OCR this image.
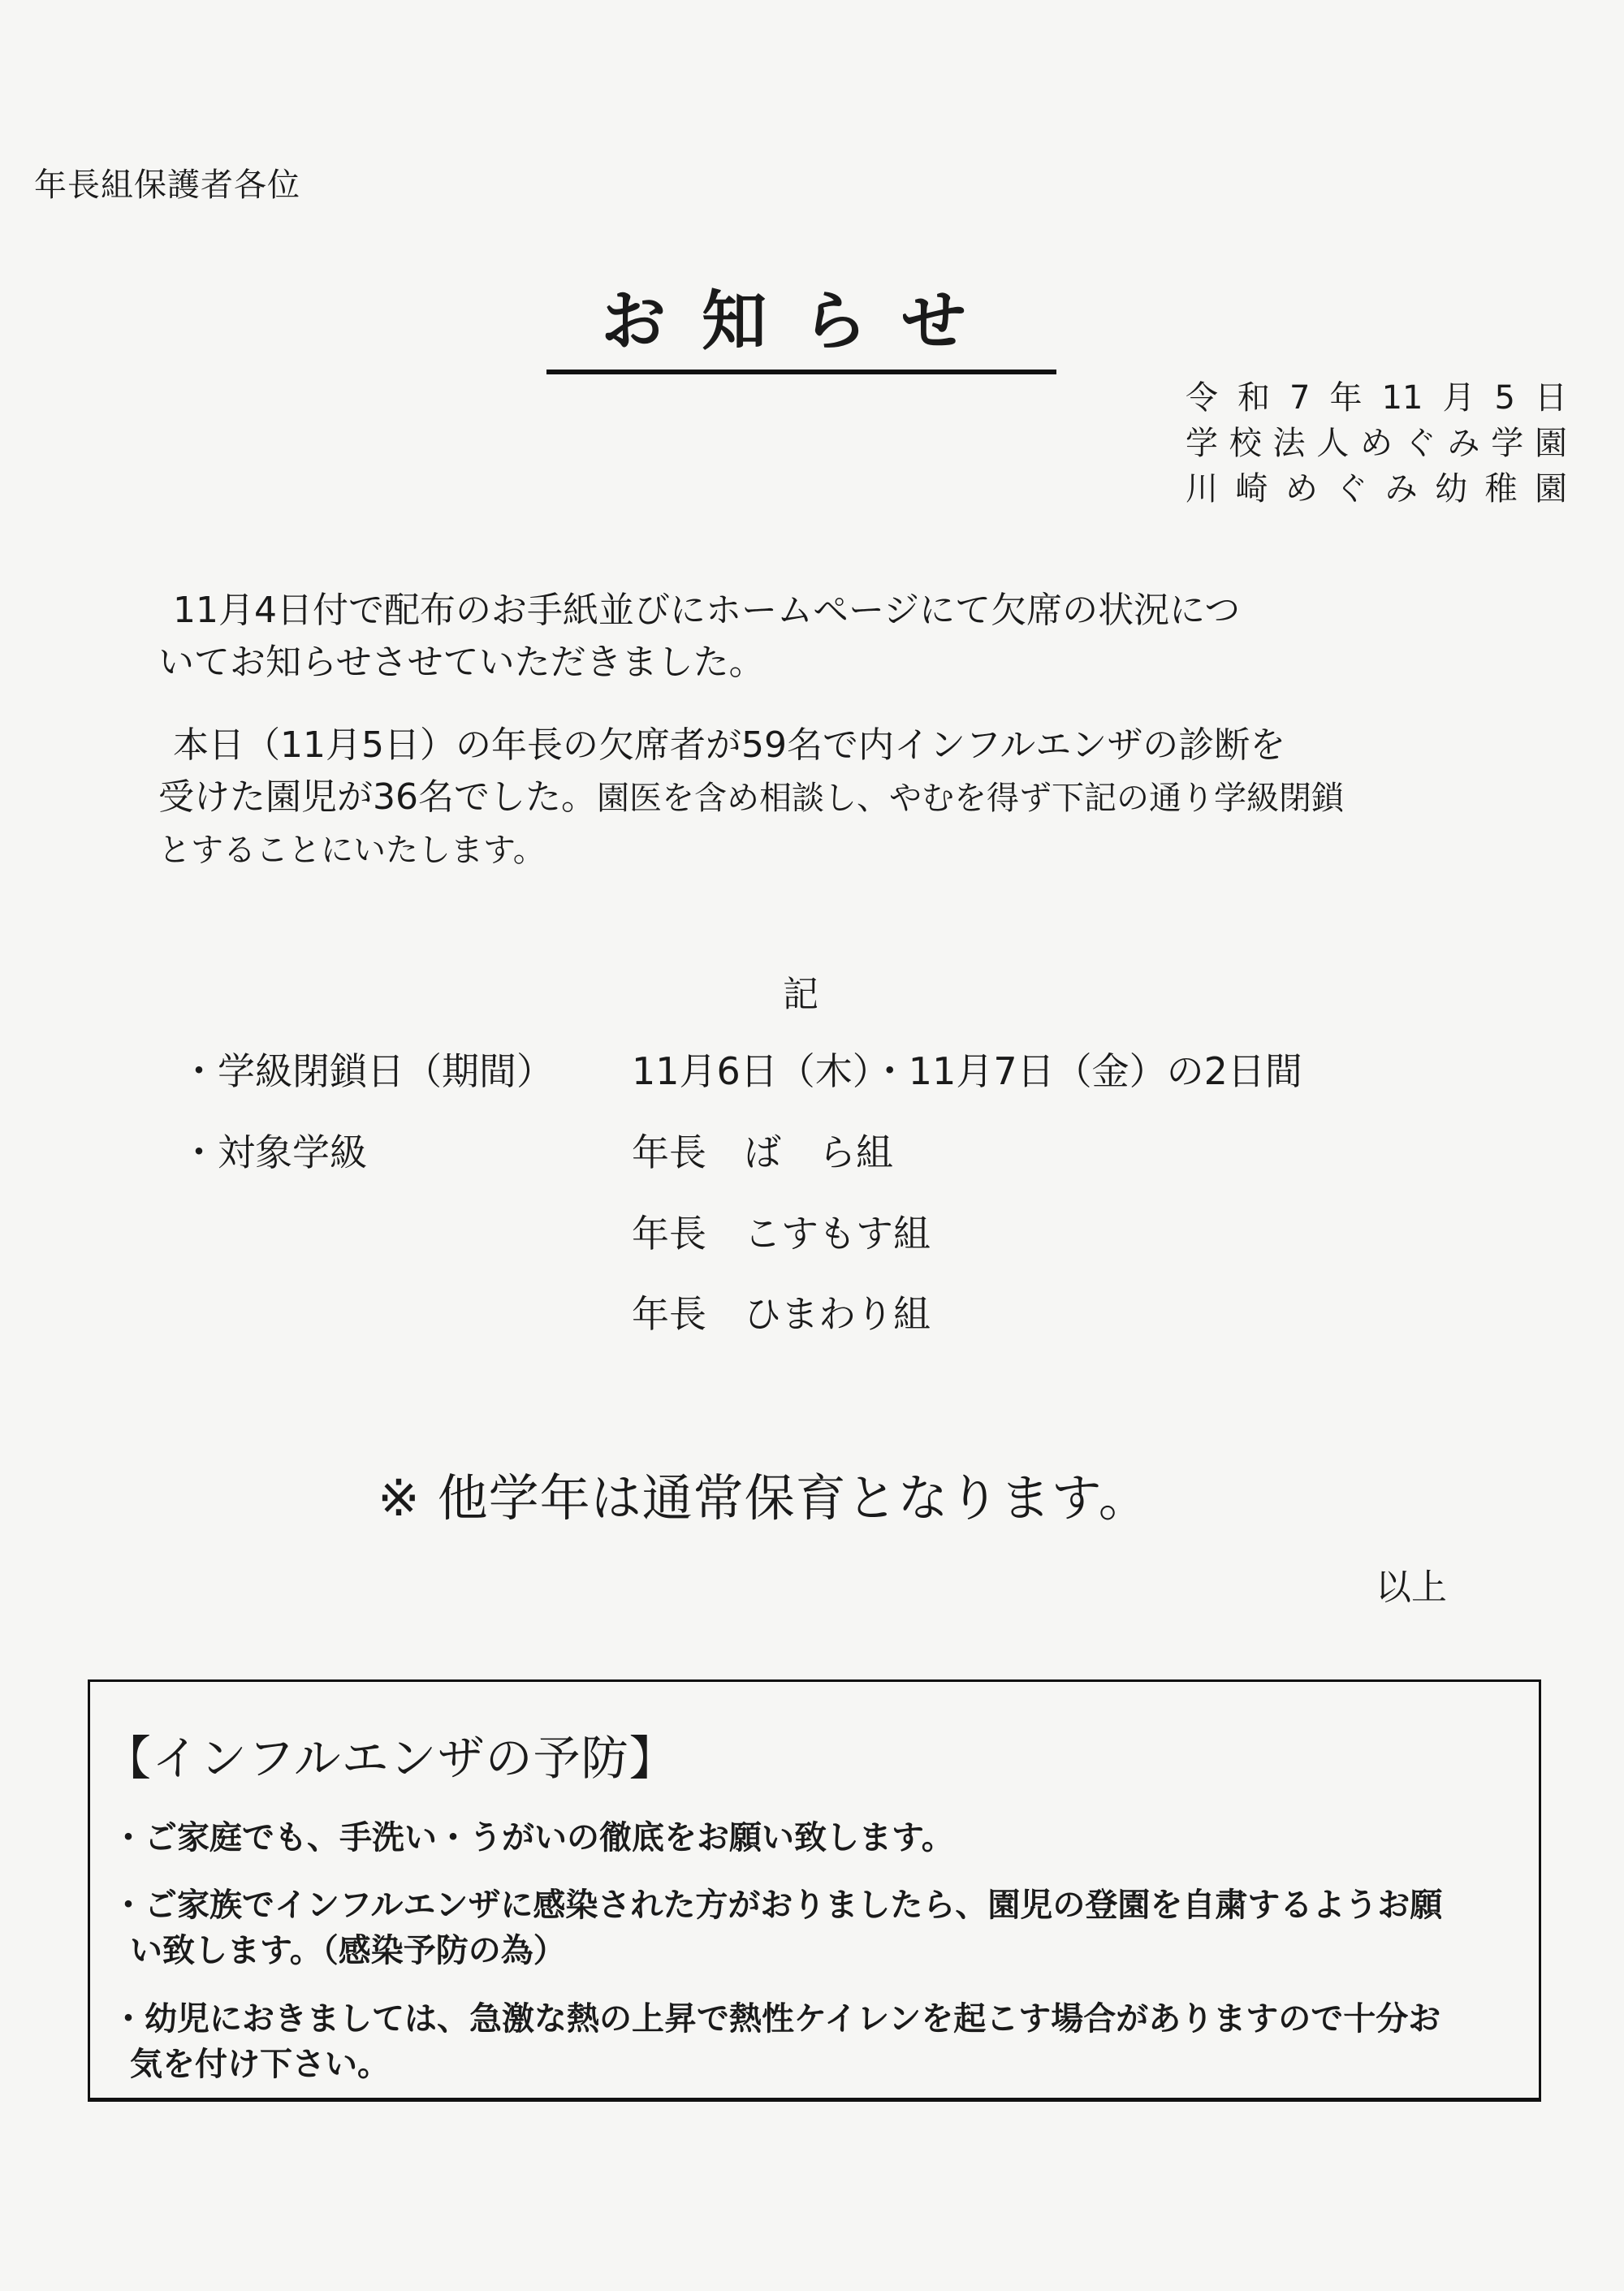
年長組保護者各位
お知らせ
令和7年11月5日
学校法人めぐみ学園
川崎めぐみ幼稚園
11月4日付で配布のお手紙並びにホームページにて欠席の状況につ
いてお知らせさせていただきました。
本日（11月5日）の年長の欠席者が59名で内インフルエンザの診断を
受けた園児が36名でした。園医を含め相談し、やむを得ず下記の通り学級閉鎖
とすることにいたします。
記
・学級閉鎖日（期間） 11月6日（木）・11月7日（金）の2日間
・対象学級	年長　ば　ら組
年長　こすもす組
年長　ひまわり組
※ 他学年は通常保育となります。
以上
【インフルエンザの予防】
・ご家庭でも、手洗い・うがいの徹底をお願い致します。
・ご家族でインフルエンザに感染された方がおりましたら、園児の登園を自粛するようお願
い致します。（感染予防の為）
・幼児におきましては、急激な熱の上昇で熱性ケイレンを起こす場合がありますので十分お
気を付け下さい。
